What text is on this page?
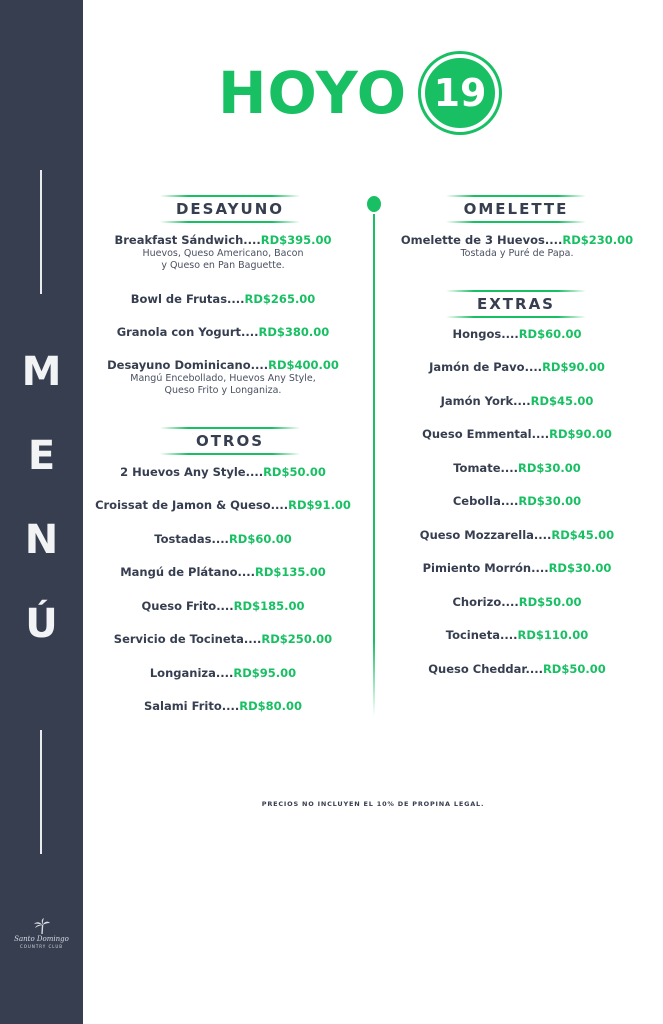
M
E
N
Ú
Santo Domingo
COUNTRY CLUB
HOYO 19
DESAYUNO
Breakfast Sándwich....RD$395.00
Huevos, Queso Americano, Bacon
y Queso en Pan Baguette.
Bowl de Frutas....RD$265.00
Granola con Yogurt....RD$380.00
Desayuno Dominicano....RD$400.00
Mangú Encebollado, Huevos Any Style,
Queso Frito y Longaniza.
OTROS
2 Huevos Any Style....RD$50.00
Croissat de Jamon & Queso....RD$91.00
Tostadas....RD$60.00
Mangú de Plátano....RD$135.00
Queso Frito....RD$185.00
Servicio de Tocineta....RD$250.00
Longaniza....RD$95.00
Salami Frito....RD$80.00
OMELETTE
Omelette de 3 Huevos....RD$230.00
Tostada y Puré de Papa.
EXTRAS
Hongos....RD$60.00
Jamón de Pavo....RD$90.00
Jamón York....RD$45.00
Queso Emmental....RD$90.00
Tomate....RD$30.00
Cebolla....RD$30.00
Queso Mozzarella....RD$45.00
Pimiento Morrón....RD$30.00
Chorizo....RD$50.00
Tocineta....RD$110.00
Queso Cheddar....RD$50.00
PRECIOS NO INCLUYEN EL 10% DE PROPINA LEGAL.
